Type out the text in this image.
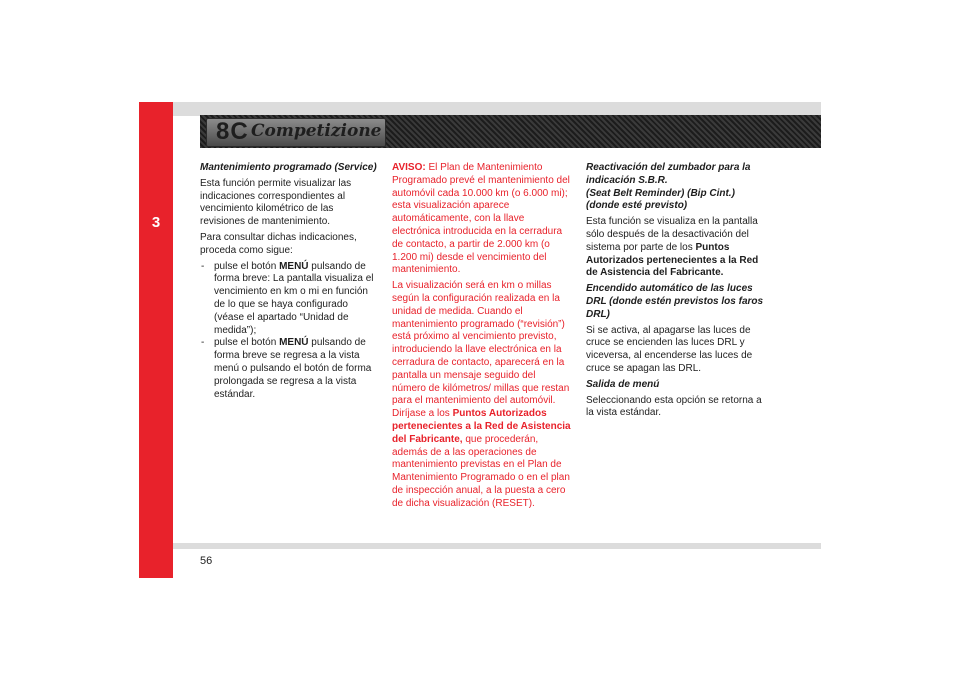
3
8C Competizione

Mantenimiento programado (Service)

Esta función permite visualizar las indicaciones correspondientes al vencimiento kilométrico de las revisiones de mantenimiento.

Para consultar dichas indicaciones, proceda como sigue:

- pulse el botón MENÚ pulsando de forma breve: La pantalla visualiza el vencimiento en km o mi en función de lo que se haya configurado (véase el apartado “Unidad de medida”);
- pulse el botón MENÚ pulsando de forma breve se regresa a la vista menú o pulsando el botón de forma prolongada se regresa a la vista estándar.

AVISO: El Plan de Mantenimiento Programado prevé el mantenimiento del automóvil cada 10.000 km (o 6.000 mi); esta visualización aparece automáticamente, con la llave electrónica introducida en la cerradura de contacto, a partir de 2.000 km (o 1.200 mi) desde el vencimiento del mantenimiento.

La visualización será en km o millas según la configuración realizada en la unidad de medida. Cuando el mantenimiento programado (“revisión”) está próximo al vencimiento previsto, introduciendo la llave electrónica en la cerradura de contacto, aparecerá en la pantalla un mensaje seguido del número de kilómetros/ millas que restan para el mantenimiento del automóvil. Diríjase a los Puntos Autorizados pertenecientes a la Red de Asistencia del Fabricante, que procederán, además de a las operaciones de mantenimiento previstas en el Plan de Mantenimiento Programado o en el plan de inspección anual, a la puesta a cero de dicha visualización (RESET).

Reactivación del zumbador para la indicación S.B.R.
(Seat Belt Reminder) (Bip Cint.)
(donde esté previsto)

Esta función se visualiza en la pantalla sólo después de la desactivación del sistema por parte de los Puntos Autorizados pertenecientes a la Red de Asistencia del Fabricante.

Encendido automático de las luces DRL (donde estén previstos los faros DRL)

Si se activa, al apagarse las luces de cruce se encienden las luces DRL y viceversa, al encenderse las luces de cruce se apagan las DRL.

Salida de menú

Seleccionando esta opción se retorna a la vista estándar.

56
